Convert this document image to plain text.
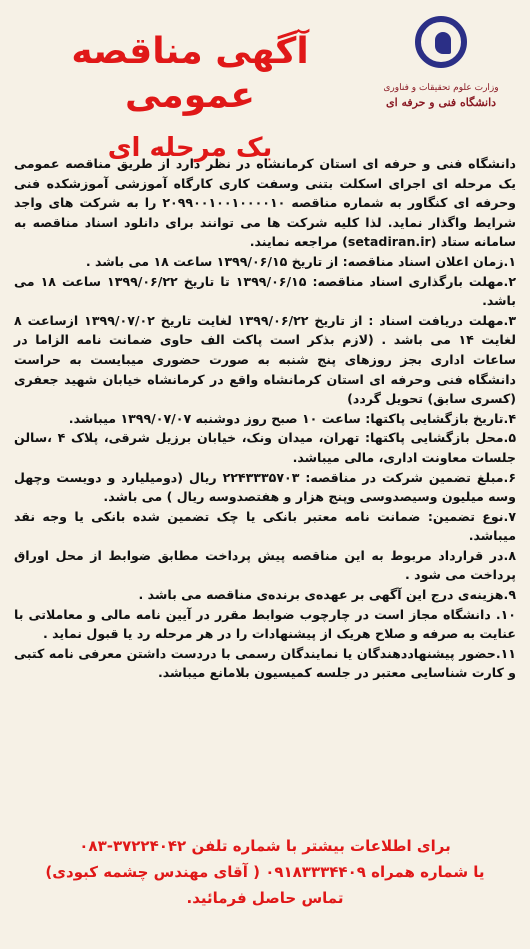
وزارت علوم تحقیقات و فناوری
دانشگاه فنی و حرفه ای
آگهی مناقصه عمومی
یک مرحله ای

دانشگاه فنی و حرفه ای استان کرمانشاه در نظر دارد از طریق مناقصه عمومی یک مرحله ای اجرای اسکلت بتنی وسفت کاری کارگاه آموزشی آموزشکده فنی وحرفه ای کنگاور به شماره مناقصه ۲۰۹۹۰۰۱۰۰۱۰۰۰۰۱۰ را به شرکت های واجد شرایط واگذار نماید. لذا کلیه شرکت ها می توانند برای دانلود اسناد مناقصه به سامانه ستاد (setadiran.ir) مراجعه نمایند.

۱.زمان اعلان اسناد مناقصه: از تاریخ ۱۳۹۹/۰۶/۱۵ ساعت ۱۸ می باشد .

۲.مهلت بارگذاری اسناد مناقصه: ۱۳۹۹/۰۶/۱۵ تا تاریخ ۱۳۹۹/۰۶/۲۲ ساعت ۱۸ می باشد.

۳.مهلت دریافت اسناد : از تاریخ ۱۳۹۹/۰۶/۲۲ لغایت تاریخ ۱۳۹۹/۰۷/۰۲ ازساعت ۸ لغایت ۱۴ می باشد . (لازم بذکر است پاکت الف حاوی ضمانت نامه الزاما در ساعات اداری بجز روزهای پنج شنبه به صورت حضوری میبایست به حراست دانشگاه فنی وحرفه ای استان کرمانشاه واقع در کرمانشاه خیابان شهید جعفری (کسری سابق) تحویل گردد)

۴.تاریخ بازگشایی پاکتها: ساعت ۱۰ صبح روز دوشنبه ۱۳۹۹/۰۷/۰۷ میباشد.

۵.محل بازگشایی پاکتها: تهران، میدان ونک، خیابان برزیل شرقی، پلاک ۴ ،سالن جلسات معاونت اداری، مالی میباشد.

۶.مبلغ تضمین شرکت در مناقصه: ۲۲۴۳۳۳۵۷۰۳ ریال (دومیلیارد و دویست وچهل وسه میلیون وسیصدوسی وپنج هزار و هفتصدوسه ریال ) می باشد.

۷.نوع تضمین: ضمانت نامه معتبر بانکی یا چک تضمین شده بانکی یا وجه نقد میباشد.

۸.در قرارداد مربوط به این مناقصه پیش پرداخت مطابق ضوابط از محل اوراق پرداخت می شود .

۹.هزینه‌ی درج این آگهی بر عهده‌ی برنده‌ی مناقصه می باشد .

۱۰. دانشگاه مجاز است در چارچوب ضوابط مقرر در آیین نامه مالی و معاملاتی با عنایت به صرفه و صلاح هریک از پیشنهادات را در هر مرحله رد یا قبول نماید .

۱۱.حضور پیشنهاددهندگان یا نمایندگان رسمی با دردست داشتن معرفی نامه کتبی و کارت شناسایی معتبر در جلسه کمیسیون بلامانع میباشد.

برای اطلاعات بیشتر با شماره تلفن ۳۷۲۲۴۰۴۲-۰۸۳
یا شماره همراه ۰۹۱۸۳۳۳۴۴۰۹ ( آقای مهندس چشمه کبودی)
تماس حاصل فرمائید.
